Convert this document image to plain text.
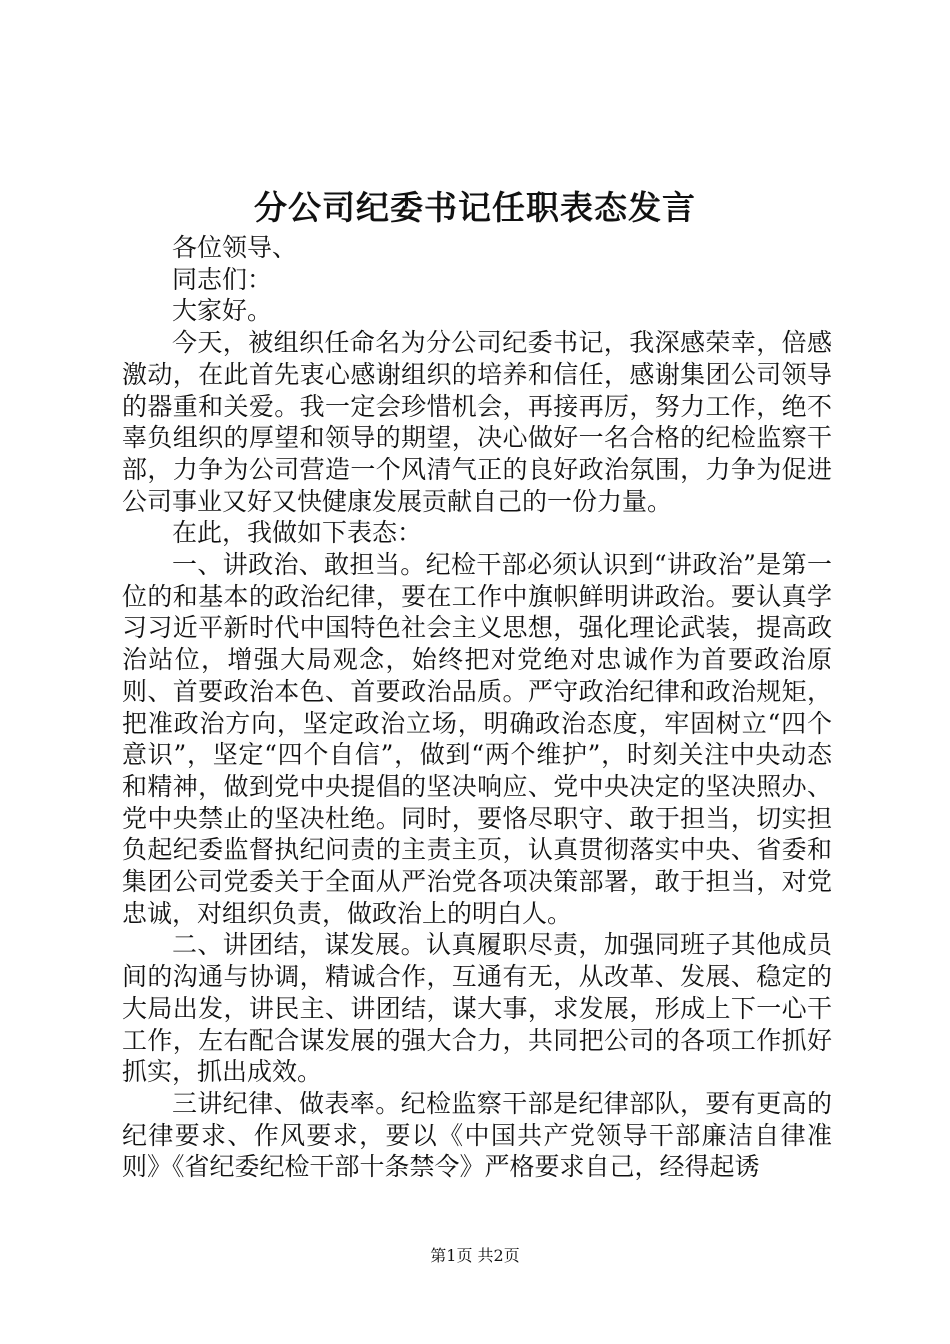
分公司纪委书记任职表态发言

各位领导、

同志们：

大家好。

今天，被组织任命名为分公司纪委书记，我深感荣幸，倍感激动，在此首先衷心感谢组织的培养和信任，感谢集团公司领导的器重和关爱。我一定会珍惜机会，再接再厉，努力工作，绝不辜负组织的厚望和领导的期望，决心做好一名合格的纪检监察干部，力争为公司营造一个风清气正的良好政治氛围，力争为促进公司事业又好又快健康发展贡献自己的一份力量。

在此，我做如下表态：

一、讲政治、敢担当。纪检干部必须认识到“讲政治”是第一位的和基本的政治纪律，要在工作中旗帜鲜明讲政治。要认真学习习近平新时代中国特色社会主义思想，强化理论武装，提高政治站位，增强大局观念，始终把对党绝对忠诚作为首要政治原则、首要政治本色、首要政治品质。严守政治纪律和政治规矩，把准政治方向，坚定政治立场，明确政治态度，牢固树立“四个意识”，坚定“四个自信”，做到“两个维护”，时刻关注中央动态和精神，做到党中央提倡的坚决响应、党中央决定的坚决照办、党中央禁止的坚决杜绝。同时，要恪尽职守、敢于担当，切实担负起纪委监督执纪问责的主责主页，认真贯彻落实中央、省委和集团公司党委关于全面从严治党各项决策部署，敢于担当，对党忠诚，对组织负责，做政治上的明白人。

二、讲团结，谋发展。认真履职尽责，加强同班子其他成员间的沟通与协调，精诚合作，互通有无，从改革、发展、稳定的大局出发，讲民主、讲团结，谋大事，求发展，形成上下一心干工作，左右配合谋发展的强大合力，共同把公司的各项工作抓好抓实，抓出成效。

三讲纪律、做表率。纪检监察干部是纪律部队，要有更高的纪律要求、作风要求，要以《中国共产党领导干部廉洁自律准则》《省纪委纪检干部十条禁令》严格要求自己，经得起诱

第1页 共2页
